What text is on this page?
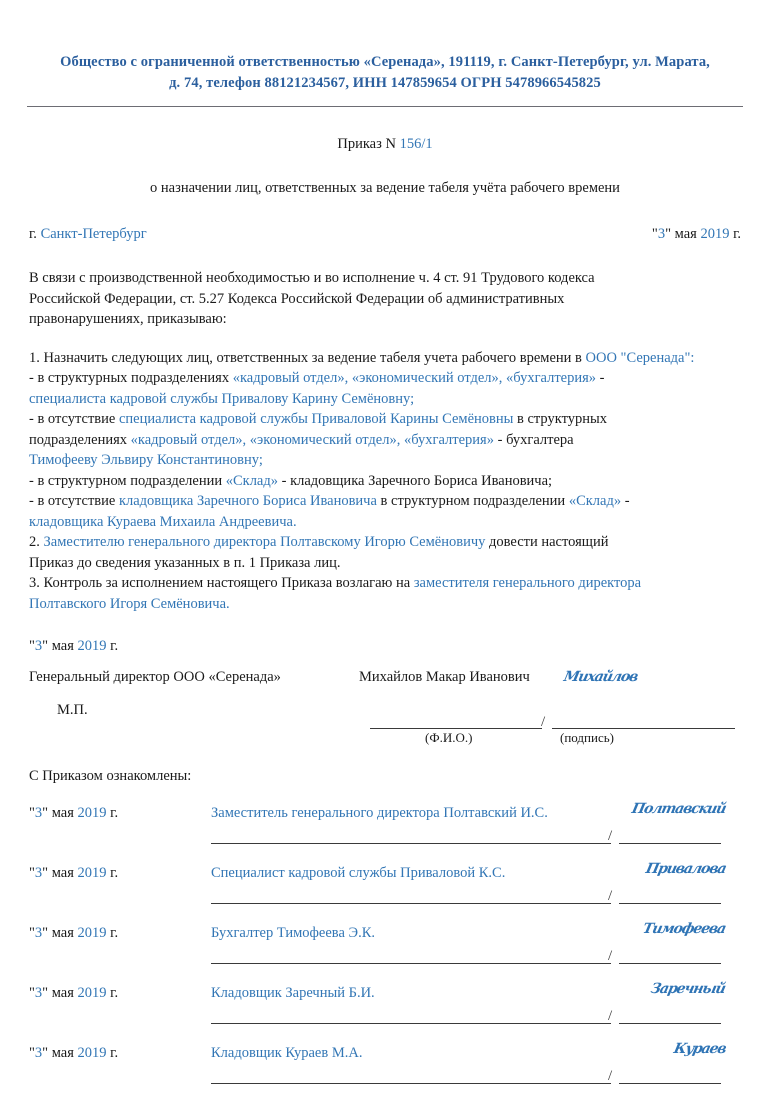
Общество с ограниченной ответственностью «Серенада», 191119, г. Санкт-Петербург, ул. Марата,
д. 74, телефон 88121234567, ИНН 147859654 ОГРН 5478966545825
Приказ N 156/1
о назначении лиц, ответственных за ведение табеля учёта рабочего времени
г. Санкт-Петербург	"3" мая 2019 г.

В связи с производственной необходимостью и во исполнение ч. 4 ст. 91 Трудового кодекса

Российской Федерации, ст. 5.27 Кодекса Российской Федерации об административных

правонарушениях, приказываю:

1. Назначить следующих лиц, ответственных за ведение табеля учета рабочего времени в ООО "Серенада":

- в структурных подразделениях «кадровый отдел», «экономический отдел», «бухгалтерия» -

специалиста кадровой службы Привалову Карину Семёновну;

- в отсутствие специалиста кадровой службы Приваловой Карины Семёновны в структурных

подразделениях «кадровый отдел», «экономический отдел», «бухгалтерия» - бухгалтера

Тимофееву Эльвиру Константиновну;

- в структурном подразделении «Склад» - кладовщика Заречного Бориса Ивановича;

- в отсутствие кладовщика Заречного Бориса Ивановича в структурном подразделении «Склад» -

кладовщика Кураева Михаила Андреевича.

2. Заместителю генерального директора Полтавскому Игорю Семёновичу довести настоящий

Приказ до сведения указанных в п. 1 Приказа лиц.

3. Контроль за исполнением настоящего Приказа возлагаю на заместителя генерального директора

Полтавского Игоря Семёновича.

"3" мая 2019 г.
Генеральный директор ООО «Серенада»	Михайлов Макар Иванович	Михайлов
М.П.
/
(Ф.И.О.)	(подпись)
С Приказом ознакомлены:
"3" мая 2019 г.	Заместитель генерального директора Полтавский И.С.	Полтавский
/
"3" мая 2019 г.	Специалист кадровой службы Приваловой К.С.	Привалова
/
"3" мая 2019 г.	Бухгалтер Тимофеева Э.К.	Тимофеева
/
"3" мая 2019 г.	Кладовщик Заречный Б.И.	Заречный
/
"3" мая 2019 г.	Кладовщик Кураев М.А.	Кураев
/
